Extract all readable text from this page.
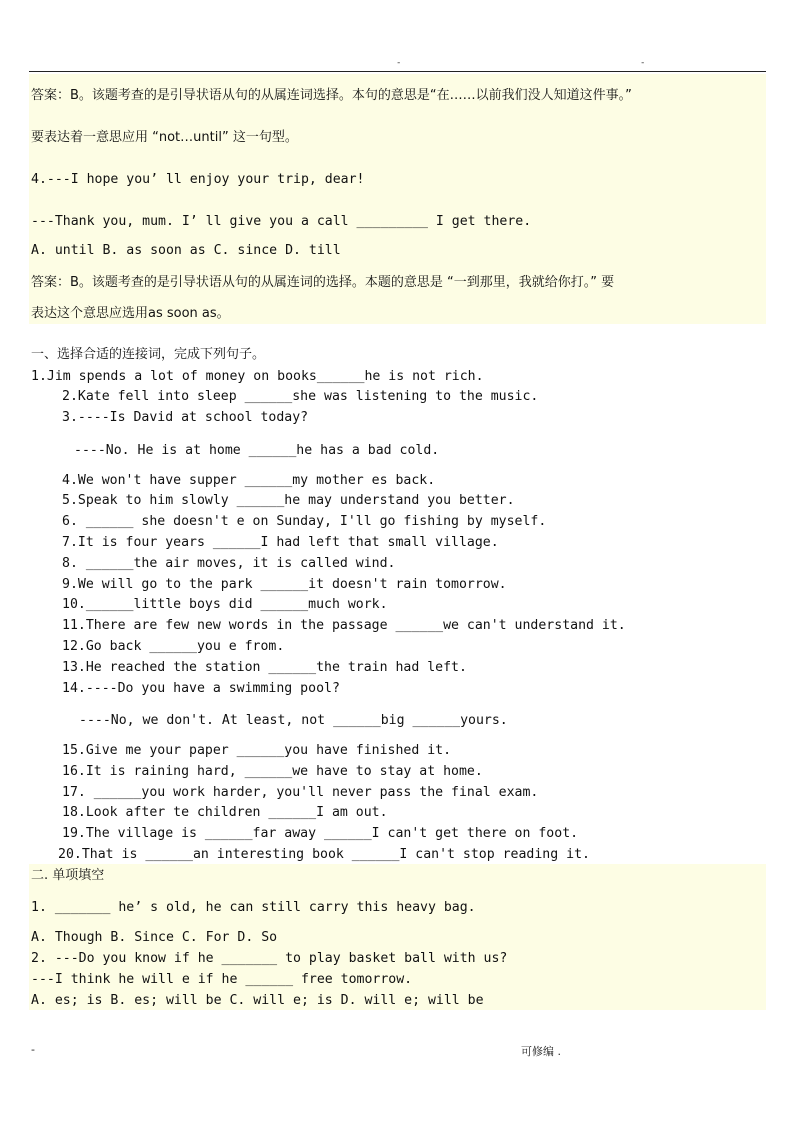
-	-
答案：B。该题考查的是引导状语从句的从属连词选择。本句的意思是“在……以前我们没人知道这件事。”
要表达着一意思应用 “not…until” 这一句型。
4.---I hope you’ ll enjoy your trip, dear!
---Thank you, mum. I’ ll give you a call _________ I get there.
A. until B. as soon as C. since D. till
答案：B。该题考查的是引导状语从句的从属连词的选择。本题的意思是 “一到那里，我就给你打。” 要
表达这个意思应选用as soon as。
一、选择合适的连接词，完成下列句子。
1.Jim spends a lot of money on books______he is not rich.
2.Kate fell into sleep ______she was listening to the music.
3.----Is David at school today?
----No. He is at home ______he has a bad cold.
4.We won't have supper ______my mother es back.
5.Speak to him slowly ______he may understand you better.
6. ______ she doesn't e on Sunday, I'll go fishing by myself.
7.It is four years ______I had left that small village.
8. ______the air moves, it is called wind.
9.We will go to the park ______it doesn't rain tomorrow.
10.______little boys did ______much work.
11.There are few new words in the passage ______we can't understand it.
12.Go back ______you e from.
13.He reached the station ______the train had left.
14.----Do you have a swimming pool?
----No, we don't. At least, not ______big ______yours.
15.Give me your paper ______you have finished it.
16.It is raining hard, ______we have to stay at home.
17. ______you work harder, you'll never pass the final exam.
18.Look after te children ______I am out.
19.The village is ______far away ______I can't get there on foot.
20.That is ______an interesting book ______I can't stop reading it.
二. 单项填空
1. _______ he’ s old, he can still carry this heavy bag.
A. Though B. Since C. For D. So
2. ---Do you know if he _______ to play basket ball with us?
---I think he will e if he ______ free tomorrow.
A. es; is B. es; will be C. will e; is D. will e; will be
-	可修编 .
